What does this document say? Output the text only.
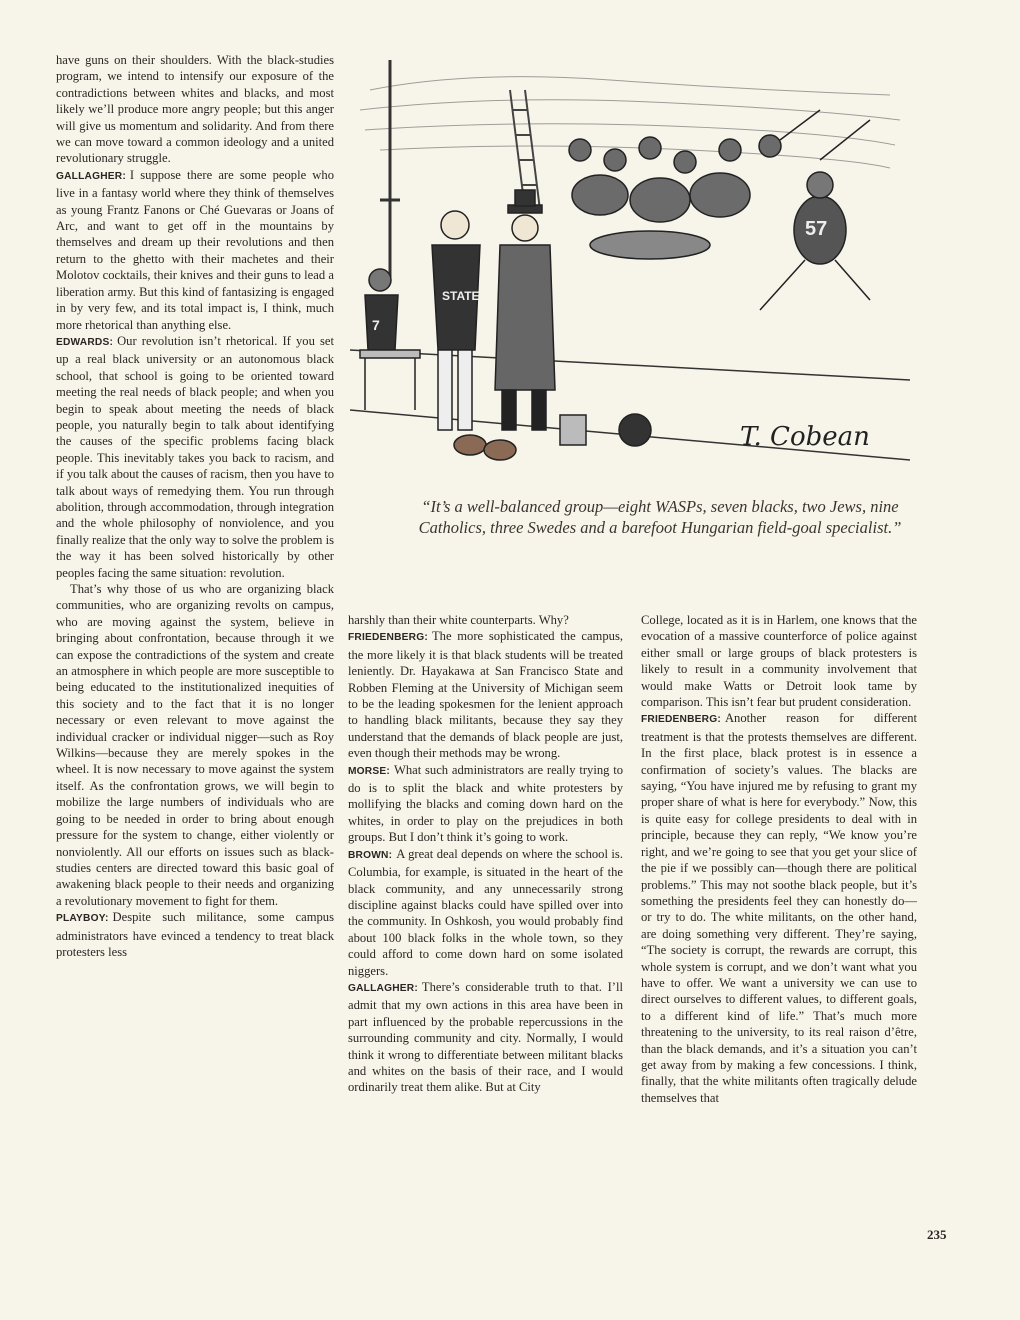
have guns on their shoulders. With the black-studies program, we intend to intensify our exposure of the contradictions between whites and blacks, and most likely we’ll produce more angry people; but this anger will give us momentum and solidarity. And from there we can move toward a common ideology and a united revolutionary struggle.

GALLAGHER: I suppose there are some people who live in a fantasy world where they think of themselves as young Frantz Fanons or Ché Guevaras or Joans of Arc, and want to get off in the mountains by themselves and dream up their revolutions and then return to the ghetto with their machetes and their Molotov cocktails, their knives and their guns to lead a liberation army. But this kind of fantasizing is engaged in by very few, and its total impact is, I think, much more rhetorical than anything else.

EDWARDS: Our revolution isn’t rhetorical. If you set up a real black university or an autonomous black school, that school is going to be oriented toward meeting the real needs of black people; and when you begin to speak about meeting the needs of black people, you naturally begin to talk about identifying the causes of the specific problems facing black people. This inevitably takes you back to racism, and if you talk about the causes of racism, then you have to talk about ways of remedying them. You run through abolition, through accommodation, through integration and the whole philosophy of nonviolence, and you finally realize that the only way to solve the problem is the way it has been solved historically by other peoples facing the same situation: revolution.

That’s why those of us who are organizing black communities, who are organizing revolts on campus, who are moving against the system, believe in bringing about confrontation, because through it we can expose the contradictions of the system and create an atmosphere in which people are more susceptible to being educated to the institutionalized inequities of this society and to the fact that it is no longer necessary or even relevant to move against the individual cracker or individual nigger—such as Roy Wilkins—because they are merely spokes in the wheel. It is now necessary to move against the system itself. As the confrontation grows, we will begin to mobilize the large numbers of individuals who are going to be needed in order to bring about enough pressure for the system to change, either violently or nonviolently. All our efforts on issues such as black-studies centers are directed toward this basic goal of awakening black people to their needs and organizing a revolutionary movement to fight for them.

PLAYBOY: Despite such militance, some campus administrators have evinced a tendency to treat black protesters less

57
STATE
7
T. Cobean
“It’s a well-balanced group—eight WASPs, seven blacks, two Jews, nine Catholics, three Swedes and a barefoot Hungarian field-goal specialist.”

harshly than their white counterparts. Why?

FRIEDENBERG: The more sophisticated the campus, the more likely it is that black students will be treated leniently. Dr. Hayakawa at San Francisco State and Robben Fleming at the University of Michigan seem to be the leading spokesmen for the lenient approach to handling black militants, because they say they understand that the demands of black people are just, even though their methods may be wrong.

MORSE: What such administrators are really trying to do is to split the black and white protesters by mollifying the blacks and coming down hard on the whites, in order to play on the prejudices in both groups. But I don’t think it’s going to work.

BROWN: A great deal depends on where the school is. Columbia, for example, is situated in the heart of the black community, and any unnecessarily strong discipline against blacks could have spilled over into the community. In Oshkosh, you would probably find about 100 black folks in the whole town, so they could afford to come down hard on some isolated niggers.

GALLAGHER: There’s considerable truth to that. I’ll admit that my own actions in this area have been in part influenced by the probable repercussions in the surrounding community and city. Normally, I would think it wrong to differentiate between militant blacks and whites on the basis of their race, and I would ordinarily treat them alike. But at City

College, located as it is in Harlem, one knows that the evocation of a massive counterforce of police against either small or large groups of black protesters is likely to result in a community involvement that would make Watts or Detroit look tame by comparison. This isn’t fear but prudent consideration.

FRIEDENBERG: Another reason for different treatment is that the protests themselves are different. In the first place, black protest is in essence a confirmation of society’s values. The blacks are saying, “You have injured me by refusing to grant my proper share of what is here for everybody.” Now, this is quite easy for college presidents to deal with in principle, because they can reply, “We know you’re right, and we’re going to see that you get your slice of the pie if we possibly can—though there are political problems.” This may not soothe black people, but it’s something the presidents feel they can honestly do—or try to do. The white militants, on the other hand, are doing something very different. They’re saying, “The society is corrupt, the rewards are corrupt, this whole system is corrupt, and we don’t want what you have to offer. We want a university we can use to direct ourselves to different values, to different goals, to a different kind of life.” That’s much more threatening to the university, to its real raison d’être, than the black demands, and it’s a situation you can’t get away from by making a few concessions. I think, finally, that the white militants often tragically delude themselves that

235
